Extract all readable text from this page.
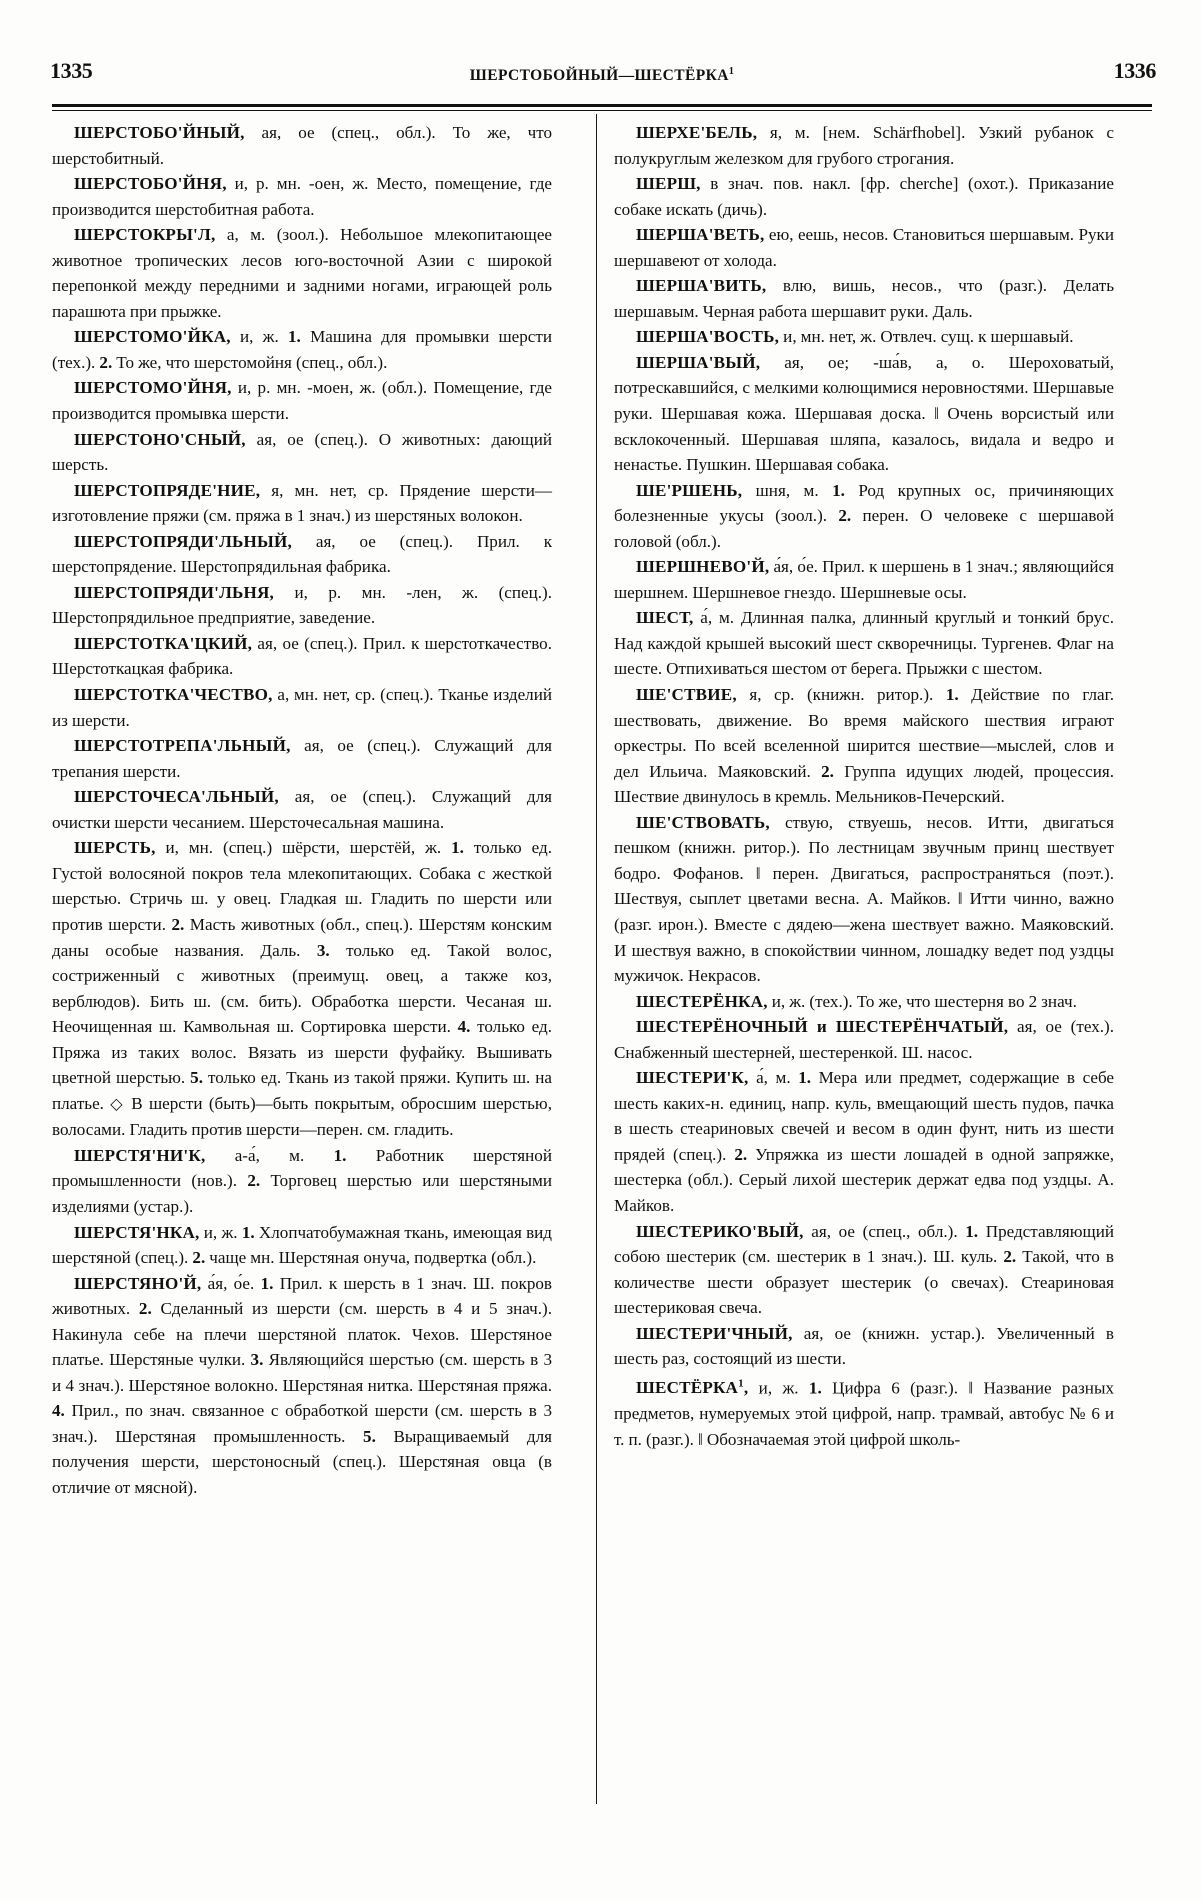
1335	ШЕРСТОБОЙНЫЙ—ШЕСТЁРКА$^1$	1336

ШЕРСТОБО'ЙНЫЙ, ая, ое (спец., обл.). То же, что шерстобитный.

ШЕРСТОБО'ЙНЯ, и, р. мн. -оен, ж. Место, помещение, где производится шерстобитная работа.

ШЕРСТОКРЫ'Л, а, м. (зоол.). Небольшое млекопитающее животное тропических лесов юго-восточной Азии с широкой перепонкой между передними и задними ногами, играющей роль парашюта при прыжке.

ШЕРСТОМО'ЙКА, и, ж. 1. Машина для промывки шерсти (тех.). 2. То же, что шерстомойня (спец., обл.).

ШЕРСТОМО'ЙНЯ, и, р. мн. -моен, ж. (обл.). Помещение, где производится промывка шерсти.

ШЕРСТОНО'СНЫЙ, ая, ое (спец.). О животных: дающий шерсть.

ШЕРСТОПРЯДЕ'НИЕ, я, мн. нет, ср. Прядение шерсти—изготовление пряжи (см. пряжа в 1 знач.) из шерстяных волокон.

ШЕРСТОПРЯДИ'ЛЬНЫЙ, ая, ое (спец.). Прил. к шерстопрядение. Шерстопрядильная фабрика.

ШЕРСТОПРЯДИ'ЛЬНЯ, и, р. мн. -лен, ж. (спец.). Шерстопрядильное предприятие, заведение.

ШЕРСТОТКА'ЦКИЙ, ая, ое (спец.). Прил. к шерстоткачество. Шерстоткацкая фабрика.

ШЕРСТОТКА'ЧЕСТВО, а, мн. нет, ср. (спец.). Тканье изделий из шерсти.

ШЕРСТОТРЕПА'ЛЬНЫЙ, ая, ое (спец.). Служащий для трепания шерсти.

ШЕРСТОЧЕСА'ЛЬНЫЙ, ая, ое (спец.). Служащий для очистки шерсти чесанием. Шерсточесальная машина.

ШЕРСТЬ, и, мн. (спец.) шёрсти, шерстёй, ж. 1. только ед. Густой волосяной покров тела млекопитающих. Собака с жесткой шерстью. Стричь ш. у овец. Гладкая ш. Гладить по шерсти или против шерсти. 2. Масть животных (обл., спец.). Шерстям конским даны особые названия. Даль. 3. только ед. Такой волос, состриженный с животных (преимущ. овец, а также коз, верблюдов). Бить ш. (см. бить). Обработка шерсти. Чесаная ш. Неочищенная ш. Камвольная ш. Сортировка шерсти. 4. только ед. Пряжа из таких волос. Вязать из шерсти фуфайку. Вышивать цветной шерстью. 5. только ед. Ткань из такой пряжи. Купить ш. на платье. ◇ В шерсти (быть)—быть покрытым, обросшим шерстью, волосами. Гладить против шерсти—перен. см. гладить.

ШЕРСТЯ'НИ'К, а-а́, м. 1. Работник шерстяной промышленности (нов.). 2. Торговец шерстью или шерстяными изделиями (устар.).

ШЕРСТЯ'НКА, и, ж. 1. Хлопчатобумажная ткань, имеющая вид шерстяной (спец.). 2. чаще мн. Шерстяная онуча, подвертка (обл.).

ШЕРСТЯНО'Й, а́я, о́е. 1. Прил. к шерсть в 1 знач. Ш. покров животных. 2. Сделанный из шерсти (см. шерсть в 4 и 5 знач.). Накинула себе на плечи шерстяной платок. Чехов. Шерстяное платье. Шерстяные чулки. 3. Являющийся шерстью (см. шерсть в 3 и 4 знач.). Шерстяное волокно. Шерстяная нитка. Шерстяная пряжа. 4. Прил., по знач. связанное с обработкой шерсти (см. шерсть в 3 знач.). Шерстяная промышленность. 5. Выращиваемый для получения шерсти, шерстоносный (спец.). Шерстяная овца (в отличие от мясной).

ШЕРХЕ'БЕЛЬ, я, м. [нем. Schärfhobel]. Узкий рубанок с полукруглым железком для грубого строгания.

ШЕРШ, в знач. пов. накл. [фр. cherche] (охот.). Приказание собаке искать (дичь).

ШЕРША'ВЕТЬ, ею, еешь, несов. Становиться шершавым. Руки шершавеют от холода.

ШЕРША'ВИТЬ, влю, вишь, несов., что (разг.). Делать шершавым. Черная работа шершавит руки. Даль.

ШЕРША'ВОСТЬ, и, мн. нет, ж. Отвлеч. сущ. к шершавый.

ШЕРША'ВЫЙ, ая, ое; -ша́в, а, о. Шероховатый, потрескавшийся, с мелкими колющимися неровностями. Шершавые руки. Шершавая кожа. Шершавая доска. ‖ Очень ворсистый или всклокоченный. Шершавая шляпа, казалось, видала и ведро и ненастье. Пушкин. Шершавая собака.

ШЕ'РШЕНЬ, шня, м. 1. Род крупных ос, причиняющих болезненные укусы (зоол.). 2. перен. О человеке с шершавой головой (обл.).

ШЕРШНЕВО'Й, а́я, о́е. Прил. к шершень в 1 знач.; являющийся шершнем. Шершневое гнездо. Шершневые осы.

ШЕСТ, а́, м. Длинная палка, длинный круглый и тонкий брус. Над каждой крышей высокий шест скворечницы. Тургенев. Флаг на шесте. Отпихиваться шестом от берега. Прыжки с шестом.

ШЕ'СТВИЕ, я, ср. (книжн. ритор.). 1. Действие по глаг. шествовать, движение. Во время майского шествия играют оркестры. По всей вселенной ширится шествие—мыслей, слов и дел Ильича. Маяковский. 2. Группа идущих людей, процессия. Шествие двинулось в кремль. Мельников-Печерский.

ШЕ'СТВОВАТЬ, ствую, ствуешь, несов. Итти, двигаться пешком (книжн. ритор.). По лестницам звучным принц шествует бодро. Фофанов. ‖ перен. Двигаться, распространяться (поэт.). Шествуя, сыплет цветами весна. А. Майков. ‖ Итти чинно, важно (разг. ирон.). Вместе с дядею—жена шествует важно. Маяковский. И шествуя важно, в спокойствии чинном, лошадку ведет под уздцы мужичок. Некрасов.

ШЕСТЕРЁНКА, и, ж. (тех.). То же, что шестерня во 2 знач.

ШЕСТЕРЁНОЧНЫЙ и ШЕСТЕРЁНЧАТЫЙ, ая, ое (тех.). Снабженный шестерней, шестеренкой. Ш. насос.

ШЕСТЕРИ'К, а́, м. 1. Мера или предмет, содержащие в себе шесть каких-н. единиц, напр. куль, вмещающий шесть пудов, пачка в шесть стеариновых свечей и весом в один фунт, нить из шести прядей (спец.). 2. Упряжка из шести лошадей в одной запряжке, шестерка (обл.). Серый лихой шестерик держат едва под уздцы. А. Майков.

ШЕСТЕРИКО'ВЫЙ, ая, ое (спец., обл.). 1. Представляющий собою шестерик (см. шестерик в 1 знач.). Ш. куль. 2. Такой, что в количестве шести образует шестерик (о свечах). Стеариновая шестериковая свеча.

ШЕСТЕРИ'ЧНЫЙ, ая, ое (книжн. устар.). Увеличенный в шесть раз, состоящий из шести.

ШЕСТЁРКА$^1$, и, ж. 1. Цифра 6 (разг.). ‖ Название разных предметов, нумеруемых этой цифрой, напр. трамвай, автобус № 6 и т. п. (разг.). ‖ Обозначаемая этой цифрой школь-
